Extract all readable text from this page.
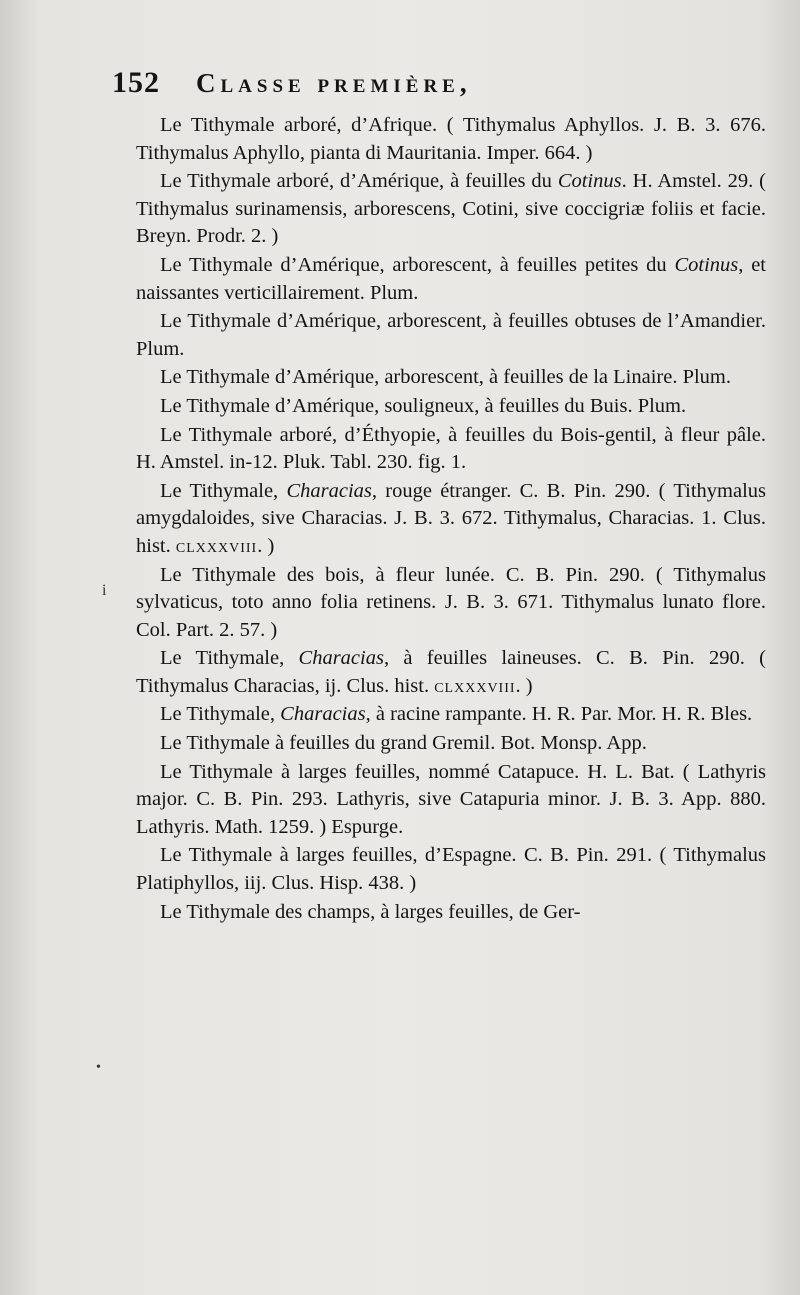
152 Classe première,
i
•

Le Tithymale arboré, d’Afrique. ( Tithymalus Aphyllos. J. B. 3. 676. Tithymalus Aphyllo, pianta di Mauritania. Imper. 664. )

Le Tithymale arboré, d’Amérique, à feuilles du Cotinus. H. Amstel. 29. ( Tithymalus surinamensis, arborescens, Cotini, sive coccigriæ foliis et facie. Breyn. Prodr. 2. )

Le Tithymale d’Amérique, arborescent, à feuilles petites du Cotinus, et naissantes verticillairement. Plum.

Le Tithymale d’Amérique, arborescent, à feuilles obtuses de l’Amandier. Plum.

Le Tithymale d’Amérique, arborescent, à feuilles de la Linaire. Plum.

Le Tithymale d’Amérique, souligneux, à feuilles du Buis. Plum.

Le Tithymale arboré, d’Éthyopie, à feuilles du Bois-gentil, à fleur pâle. H. Amstel. in-12. Pluk. Tabl. 230. fig. 1.

Le Tithymale, Characias, rouge étranger. C. B. Pin. 290. ( Tithymalus amygdaloides, sive Characias. J. B. 3. 672. Tithymalus, Characias. 1. Clus. hist. clxxxviii. )

Le Tithymale des bois, à fleur lunée. C. B. Pin. 290. ( Tithymalus sylvaticus, toto anno folia retinens. J. B. 3. 671. Tithymalus lunato flore. Col. Part. 2. 57. )

Le Tithymale, Characias, à feuilles laineuses. C. B. Pin. 290. ( Tithymalus Characias, ij. Clus. hist. clxxxviii. )

Le Tithymale, Characias, à racine rampante. H. R. Par. Mor. H. R. Bles.

Le Tithymale à feuilles du grand Gremil. Bot. Monsp. App.

Le Tithymale à larges feuilles, nommé Catapuce. H. L. Bat. ( Lathyris major. C. B. Pin. 293. Lathyris, sive Catapuria minor. J. B. 3. App. 880. Lathyris. Math. 1259. ) Espurge.

Le Tithymale à larges feuilles, d’Espagne. C. B. Pin. 291. ( Tithymalus Platiphyllos, iij. Clus. Hisp. 438. )

Le Tithymale des champs, à larges feuilles, de Ger-
